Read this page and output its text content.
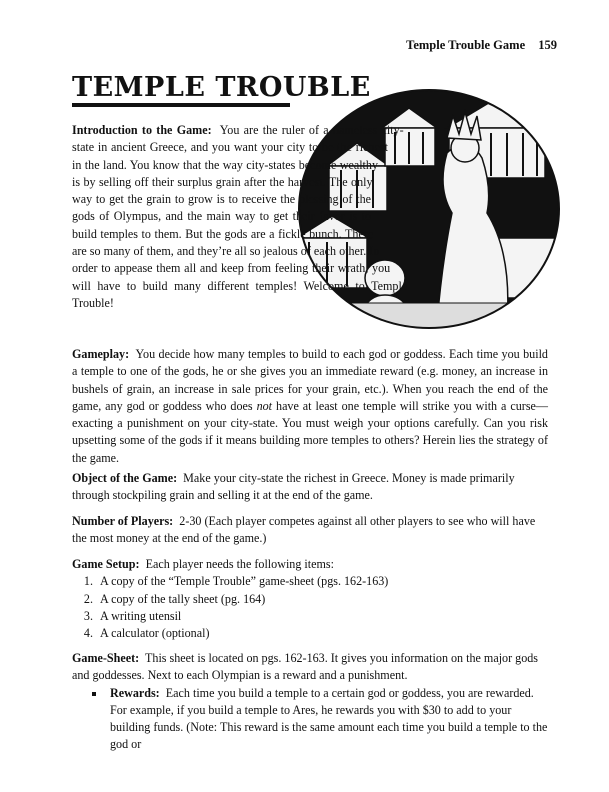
Temple Trouble Game 159
TEMPLE TROUBLE
Introduction to the Game: You are the ruler of a nameless city-state in ancient Greece, and you want your city to be the richest in the land. You know that the way city-states become wealthy is by selling off their surplus grain after the harvest. The only way to get the grain to grow is to receive the blessing of the gods of Olympus, and the main way to get their favor is to build temples to them. But the gods are a fickle bunch. There are so many of them, and they’re all so jealous of each other. In order to appease them all and keep from feeling their wrath, you will have to build many different temples! Welcome to Temple Trouble!
Gameplay: You decide how many temples to build to each god or goddess. Each time you build a temple to one of the gods, he or she gives you an immediate reward (e.g. money, an increase in bushels of grain, an increase in sale prices for your grain, etc.). When you reach the end of the game, any god or goddess who does not have at least one temple will strike you with a curse—exacting a punishment on your city-state. You must weigh your options carefully. Can you risk upsetting some of the gods if it means building more temples to others? Herein lies the strategy of the game.
Object of the Game: Make your city-state the richest in Greece. Money is made primarily through stockpiling grain and selling it at the end of the game.
Number of Players: 2-30 (Each player competes against all other players to see who will have the most money at the end of the game.)
Game Setup: Each player needs the following items:
1. A copy of the “Temple Trouble” game-sheet (pgs. 162-163)
2. A copy of the tally sheet (pg. 164)
3. A writing utensil
4. A calculator (optional)
Game-Sheet: This sheet is located on pgs. 162-163. It gives you information on the major gods and goddesses. Next to each Olympian is a reward and a punishment.
▪ Rewards: Each time you build a temple to a certain god or goddess, you are rewarded. For example, if you build a temple to Ares, he rewards you with $30 to add to your building funds. (Note: This reward is the same amount each time you build a temple to the god or
